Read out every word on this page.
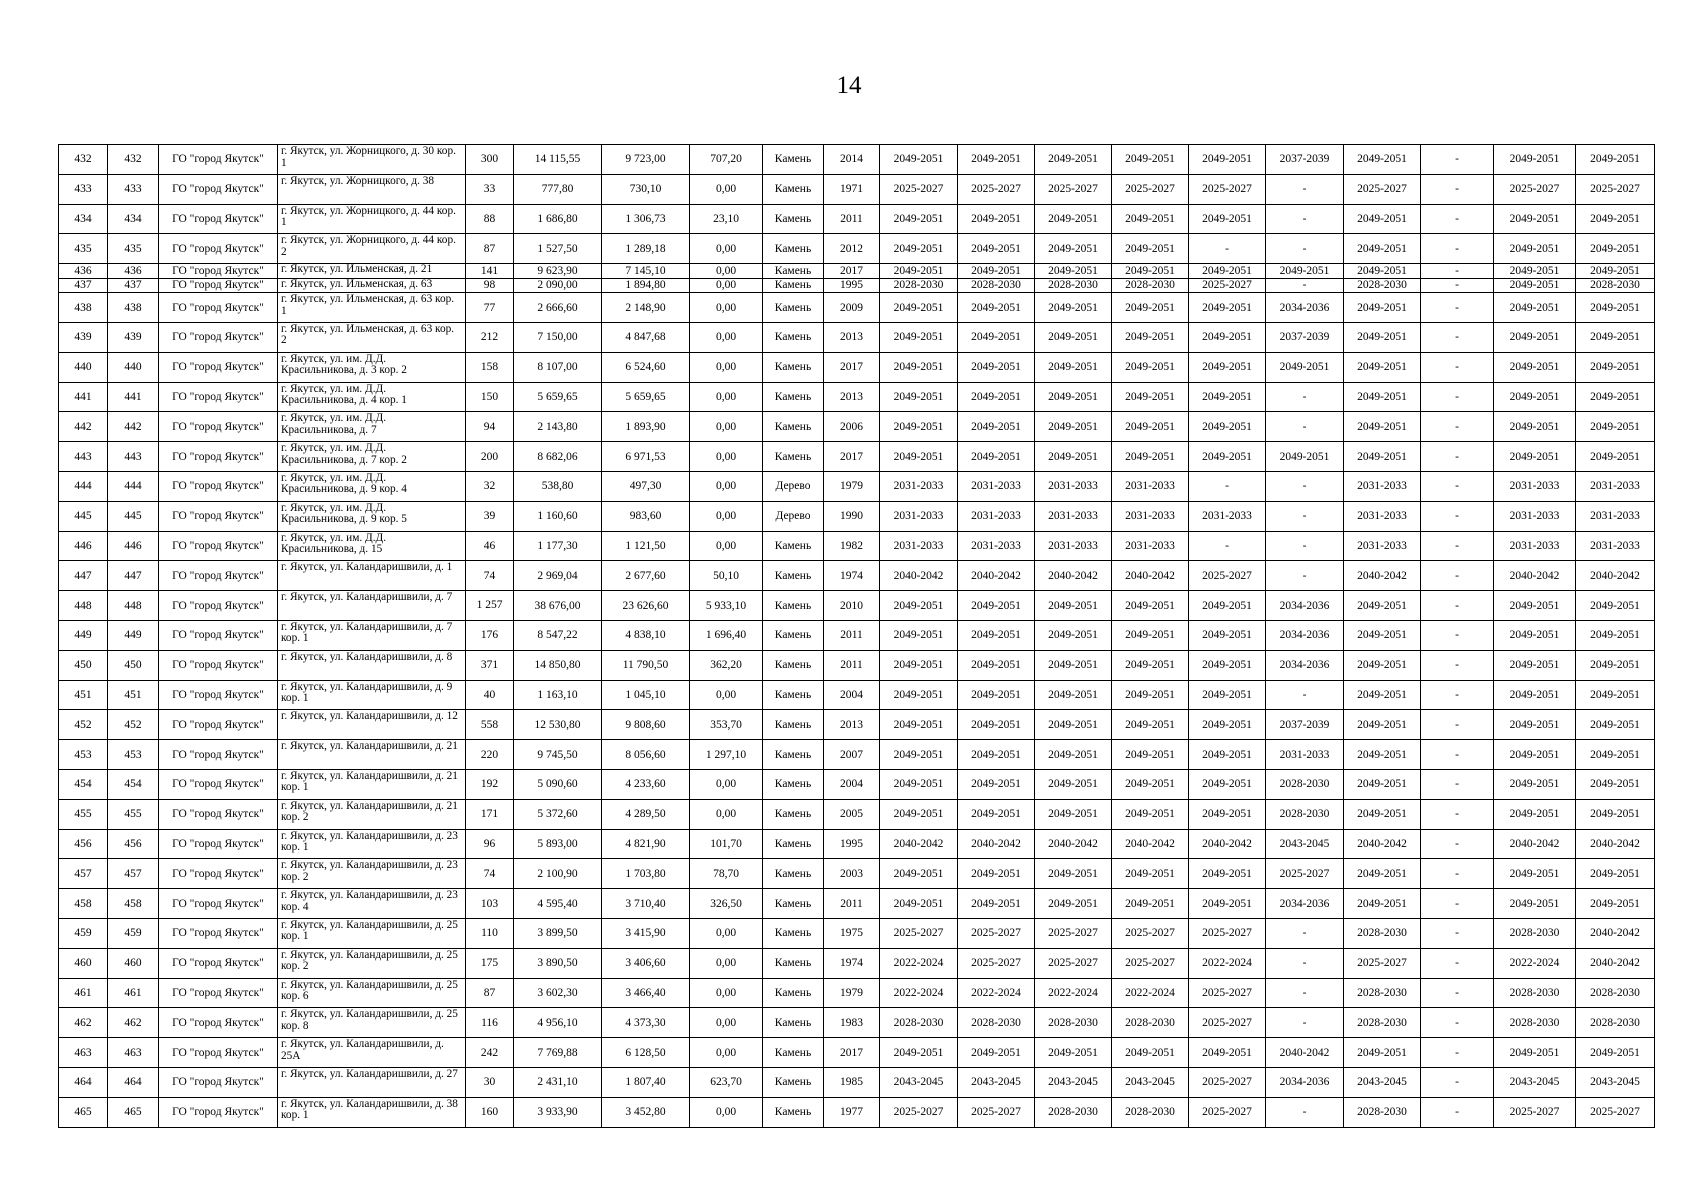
14
432	432	ГО "город Якутск"	г. Якутск, ул. Жорницкого, д. 30 кор. 1	300	14 115,55	9 723,00	707,20	Камень	2014	2049-2051	2049-2051	2049-2051	2049-2051	2049-2051	2037-2039	2049-2051	-	2049-2051	2049-2051
433	433	ГО "город Якутск"	г. Якутск, ул. Жорницкого, д. 38	33	777,80	730,10	0,00	Камень	1971	2025-2027	2025-2027	2025-2027	2025-2027	2025-2027	-	2025-2027	-	2025-2027	2025-2027
434	434	ГО "город Якутск"	г. Якутск, ул. Жорницкого, д. 44 кор. 1	88	1 686,80	1 306,73	23,10	Камень	2011	2049-2051	2049-2051	2049-2051	2049-2051	2049-2051	-	2049-2051	-	2049-2051	2049-2051
435	435	ГО "город Якутск"	г. Якутск, ул. Жорницкого, д. 44 кор. 2	87	1 527,50	1 289,18	0,00	Камень	2012	2049-2051	2049-2051	2049-2051	2049-2051	-	-	2049-2051	-	2049-2051	2049-2051
436	436	ГО "город Якутск"	г. Якутск, ул. Ильменская, д. 21	141	9 623,90	7 145,10	0,00	Камень	2017	2049-2051	2049-2051	2049-2051	2049-2051	2049-2051	2049-2051	2049-2051	-	2049-2051	2049-2051
437	437	ГО "город Якутск"	г. Якутск, ул. Ильменская, д. 63	98	2 090,00	1 894,80	0,00	Камень	1995	2028-2030	2028-2030	2028-2030	2028-2030	2025-2027	-	2028-2030	-	2049-2051	2028-2030
438	438	ГО "город Якутск"	г. Якутск, ул. Ильменская, д. 63 кор. 1	77	2 666,60	2 148,90	0,00	Камень	2009	2049-2051	2049-2051	2049-2051	2049-2051	2049-2051	2034-2036	2049-2051	-	2049-2051	2049-2051
439	439	ГО "город Якутск"	г. Якутск, ул. Ильменская, д. 63 кор. 2	212	7 150,00	4 847,68	0,00	Камень	2013	2049-2051	2049-2051	2049-2051	2049-2051	2049-2051	2037-2039	2049-2051	-	2049-2051	2049-2051
440	440	ГО "город Якутск"	г. Якутск, ул. им. Д.Д. Красильникова, д. 3 кор. 2	158	8 107,00	6 524,60	0,00	Камень	2017	2049-2051	2049-2051	2049-2051	2049-2051	2049-2051	2049-2051	2049-2051	-	2049-2051	2049-2051
441	441	ГО "город Якутск"	г. Якутск, ул. им. Д.Д. Красильникова, д. 4 кор. 1	150	5 659,65	5 659,65	0,00	Камень	2013	2049-2051	2049-2051	2049-2051	2049-2051	2049-2051	-	2049-2051	-	2049-2051	2049-2051
442	442	ГО "город Якутск"	г. Якутск, ул. им. Д.Д. Красильникова, д. 7	94	2 143,80	1 893,90	0,00	Камень	2006	2049-2051	2049-2051	2049-2051	2049-2051	2049-2051	-	2049-2051	-	2049-2051	2049-2051
443	443	ГО "город Якутск"	г. Якутск, ул. им. Д.Д. Красильникова, д. 7 кор. 2	200	8 682,06	6 971,53	0,00	Камень	2017	2049-2051	2049-2051	2049-2051	2049-2051	2049-2051	2049-2051	2049-2051	-	2049-2051	2049-2051
444	444	ГО "город Якутск"	г. Якутск, ул. им. Д.Д. Красильникова, д. 9 кор. 4	32	538,80	497,30	0,00	Дерево	1979	2031-2033	2031-2033	2031-2033	2031-2033	-	-	2031-2033	-	2031-2033	2031-2033
445	445	ГО "город Якутск"	г. Якутск, ул. им. Д.Д. Красильникова, д. 9 кор. 5	39	1 160,60	983,60	0,00	Дерево	1990	2031-2033	2031-2033	2031-2033	2031-2033	2031-2033	-	2031-2033	-	2031-2033	2031-2033
446	446	ГО "город Якутск"	г. Якутск, ул. им. Д.Д. Красильникова, д. 15	46	1 177,30	1 121,50	0,00	Камень	1982	2031-2033	2031-2033	2031-2033	2031-2033	-	-	2031-2033	-	2031-2033	2031-2033
447	447	ГО "город Якутск"	г. Якутск, ул. Каландаришвили, д. 1	74	2 969,04	2 677,60	50,10	Камень	1974	2040-2042	2040-2042	2040-2042	2040-2042	2025-2027	-	2040-2042	-	2040-2042	2040-2042
448	448	ГО "город Якутск"	г. Якутск, ул. Каландаришвили, д. 7	1 257	38 676,00	23 626,60	5 933,10	Камень	2010	2049-2051	2049-2051	2049-2051	2049-2051	2049-2051	2034-2036	2049-2051	-	2049-2051	2049-2051
449	449	ГО "город Якутск"	г. Якутск, ул. Каландаришвили, д. 7 кор. 1	176	8 547,22	4 838,10	1 696,40	Камень	2011	2049-2051	2049-2051	2049-2051	2049-2051	2049-2051	2034-2036	2049-2051	-	2049-2051	2049-2051
450	450	ГО "город Якутск"	г. Якутск, ул. Каландаришвили, д. 8	371	14 850,80	11 790,50	362,20	Камень	2011	2049-2051	2049-2051	2049-2051	2049-2051	2049-2051	2034-2036	2049-2051	-	2049-2051	2049-2051
451	451	ГО "город Якутск"	г. Якутск, ул. Каландаришвили, д. 9 кор. 1	40	1 163,10	1 045,10	0,00	Камень	2004	2049-2051	2049-2051	2049-2051	2049-2051	2049-2051	-	2049-2051	-	2049-2051	2049-2051
452	452	ГО "город Якутск"	г. Якутск, ул. Каландаришвили, д. 12	558	12 530,80	9 808,60	353,70	Камень	2013	2049-2051	2049-2051	2049-2051	2049-2051	2049-2051	2037-2039	2049-2051	-	2049-2051	2049-2051
453	453	ГО "город Якутск"	г. Якутск, ул. Каландаришвили, д. 21	220	9 745,50	8 056,60	1 297,10	Камень	2007	2049-2051	2049-2051	2049-2051	2049-2051	2049-2051	2031-2033	2049-2051	-	2049-2051	2049-2051
454	454	ГО "город Якутск"	г. Якутск, ул. Каландаришвили, д. 21 кор. 1	192	5 090,60	4 233,60	0,00	Камень	2004	2049-2051	2049-2051	2049-2051	2049-2051	2049-2051	2028-2030	2049-2051	-	2049-2051	2049-2051
455	455	ГО "город Якутск"	г. Якутск, ул. Каландаришвили, д. 21 кор. 2	171	5 372,60	4 289,50	0,00	Камень	2005	2049-2051	2049-2051	2049-2051	2049-2051	2049-2051	2028-2030	2049-2051	-	2049-2051	2049-2051
456	456	ГО "город Якутск"	г. Якутск, ул. Каландаришвили, д. 23 кор. 1	96	5 893,00	4 821,90	101,70	Камень	1995	2040-2042	2040-2042	2040-2042	2040-2042	2040-2042	2043-2045	2040-2042	-	2040-2042	2040-2042
457	457	ГО "город Якутск"	г. Якутск, ул. Каландаришвили, д. 23 кор. 2	74	2 100,90	1 703,80	78,70	Камень	2003	2049-2051	2049-2051	2049-2051	2049-2051	2049-2051	2025-2027	2049-2051	-	2049-2051	2049-2051
458	458	ГО "город Якутск"	г. Якутск, ул. Каландаришвили, д. 23 кор. 4	103	4 595,40	3 710,40	326,50	Камень	2011	2049-2051	2049-2051	2049-2051	2049-2051	2049-2051	2034-2036	2049-2051	-	2049-2051	2049-2051
459	459	ГО "город Якутск"	г. Якутск, ул. Каландаришвили, д. 25 кор. 1	110	3 899,50	3 415,90	0,00	Камень	1975	2025-2027	2025-2027	2025-2027	2025-2027	2025-2027	-	2028-2030	-	2028-2030	2040-2042
460	460	ГО "город Якутск"	г. Якутск, ул. Каландаришвили, д. 25 кор. 2	175	3 890,50	3 406,60	0,00	Камень	1974	2022-2024	2025-2027	2025-2027	2025-2027	2022-2024	-	2025-2027	-	2022-2024	2040-2042
461	461	ГО "город Якутск"	г. Якутск, ул. Каландаришвили, д. 25 кор. 6	87	3 602,30	3 466,40	0,00	Камень	1979	2022-2024	2022-2024	2022-2024	2022-2024	2025-2027	-	2028-2030	-	2028-2030	2028-2030
462	462	ГО "город Якутск"	г. Якутск, ул. Каландаришвили, д. 25 кор. 8	116	4 956,10	4 373,30	0,00	Камень	1983	2028-2030	2028-2030	2028-2030	2028-2030	2025-2027	-	2028-2030	-	2028-2030	2028-2030
463	463	ГО "город Якутск"	г. Якутск, ул. Каландаришвили, д. 25А	242	7 769,88	6 128,50	0,00	Камень	2017	2049-2051	2049-2051	2049-2051	2049-2051	2049-2051	2040-2042	2049-2051	-	2049-2051	2049-2051
464	464	ГО "город Якутск"	г. Якутск, ул. Каландаришвили, д. 27	30	2 431,10	1 807,40	623,70	Камень	1985	2043-2045	2043-2045	2043-2045	2043-2045	2025-2027	2034-2036	2043-2045	-	2043-2045	2043-2045
465	465	ГО "город Якутск"	г. Якутск, ул. Каландаришвили, д. 38 кор. 1	160	3 933,90	3 452,80	0,00	Камень	1977	2025-2027	2025-2027	2028-2030	2028-2030	2025-2027	-	2028-2030	-	2025-2027	2025-2027
